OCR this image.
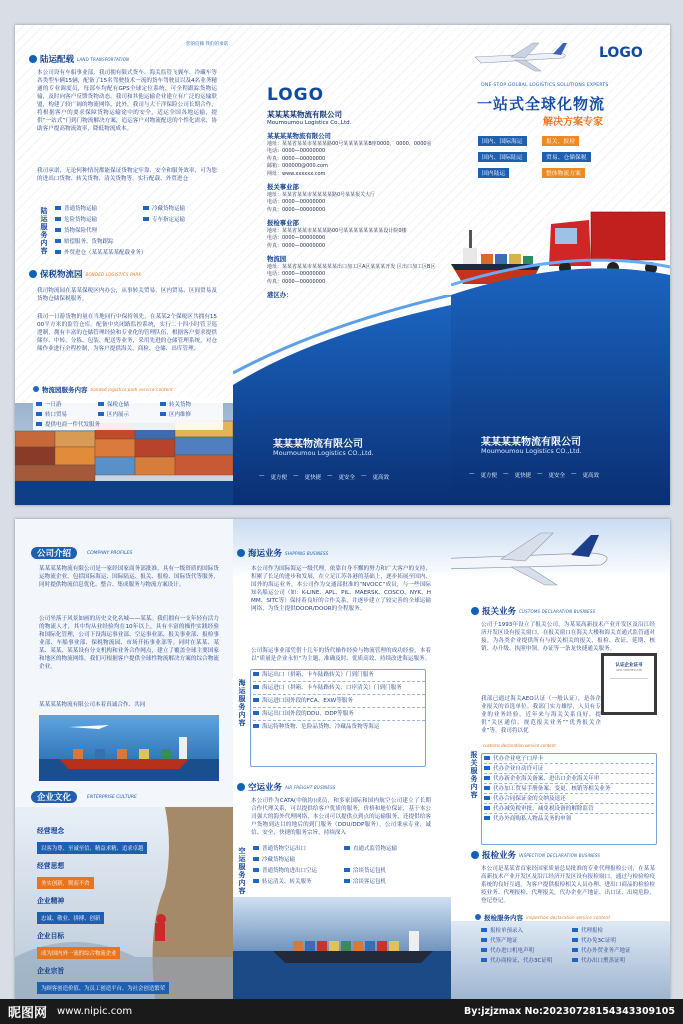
陆运配载 LAND TRANSPORTATION
您的信赖 我们的承诺
本公司设有车船事业部，我司拥有限式货车、海关监管飞翼车、冷藏车等各类型车辆15辆，配备了15名驾驶技术一流的货车驾驶员以及4名业务精通的专业调度员，每部车均配有GPS全球定位系统，可全程跟踪货物运输，及时向客户反馈货物动态。我司和其他运输企业建立有广泛的运输联盟，构建了较广阔的物流网络，此外，我司与大干洋保险公司长期合作，将根据客户的要求保障货物运输途中的安全，适运全国各地运输，提供“一站式”门到门物流解决方案，追运客户对物流配送的个性化需求，协助客户提高物流效率，降低物流成本。
我司承诺，无论何种情况都能保证货物定牢靠、安全和服务效率，可为您的进出口货物、转关货物、清关货物等，实行配载、外贸进仓
陆运服务内容
普通货物运输	冷藏货物运输
危险货物运输	专车指定运输
货物保险代理
赔偿服务、货物跟踪
外贸进仓（某某某某某配载业务）
保税物流园 BONDED LOGISTICS PARK
我司物流园在某某保税区内办公，从事转关贸易、区内贸易、区间贸易及货物仓储保税服务。
我司一日游货物的量在当地同行中保持领先，在某某2个保税区共拥有1500平方米的监管仓库。配备中央闭路监控系统，实行二十四小时管卫巡逻制，拥有丰富的仓储管理经验和专业化的管理队伍，根据客户要求提供储存、中转、分拣、包装、配送等业务，采用先进的仓储管理系统，对仓储作业进行全程控制，为客户提供海关、商检、仓储、出库管理、
物流园服务内容 bonded logistics park service content
一日游	保税仓储	转关货物
转口贸易	区内展示	区内维修
提供电商一件代发服务
LOGO
某某某某物流有限公司
Moumoumou Logistics Co.,Ltd.
某某某某物流有限公司
地址：某某省某某市某某某路00号某某某某某B座0000、 0000、0000室
电话：0000—00000000
传真：0000—00000000
邮箱：000000@000.com
网址：www.xxxxxx.com
报关事业部
地址：某某省某某市某某某某路0号某某报关大厅
电话：0000—00000000
传真：0000—00000000
报检事业部
地址：某某省某某市某某某路00号某某某某某某某某设计院0楼
电话：0000—00000000
传真：0000—00000000
物流园
地址：某某省某某市某某某某某出口加工区A区某某某开发 区出口加工区B区
电话：0000—00000000
传真：0000—00000000
港区办：
某某某物流有限公司
Moumoumou Logistics CO.,Ltd.
— 更方便 — 更快捷 — 更安全 — 更高效
LOGO
ONE-STOP GOLBAL LOGISTICS SOLUTIONS EXPERTS
一站式全球化物流
解决方案专家
国内、国际海运	报关、报检
国内、国际陆运	贸易、仓储保税
国内陆运	整体物流方案
某某某某物流有限公司
Moumoumou Logistics CO.,Ltd.
— 更方便 — 更快捷 — 更安全 — 更高效
公司介绍	COMPANY PROFILES
某某某某物流有限公司是一家经国家商务部批准，具有一级资质的国际货运物流企业，包括国际海运、国际陆运、报关、报检、国际货代等服务，同时提供物流信息优化、整合、集成服务与物流方案设计。
公司坐落于风景如画的历史文化名城——某某。我们拥有一支年轻有活力的物流人才，其中均从业经验均在10年以上，具有丰富的操作实践经验和国际化管理，公司下设海运事业部、空运事业部、报关事业部、报检事业部、车船事业部、保税物流园、市场开拓事业部等。同时在某某、某某、某某、某某设有分支机构和业务合作网点，建立了覆盖全球主要国家和地区的物流网络，我们可根据客户提供全球性物流解决方案的综合物流企业。
某某某某物流有限公司本着真诚合作、共同
企业文化	ENTERPRISE CULTURE
经营理念
以客为尊、至诚至信、精益求精、追求卓越
经营思想
务实创新，锲而不舍
企业精神
忠诚、敬业、拼搏、创新
企业目标
成为国内外一流的综合物流企业
企业宗旨
为顾客创造价值、为员工创造平台、为社会创造繁荣
海运业务 SHIPPING BUSINESS
本公司作为国际海运一级代理，依靠自身不懈的努力和广大客户的支持，积累了长足的进步和发展，在立足江苏各港的基础上，逐步拓展至国内、国外的海运业务。本公司作为交通部批准的“NVOCC”成员，与一些国际知名船运公司（如：K-LINE、APL、PIL、MAERSK、COSCO、NYK、HMM、SITC等）保持着良好的合作关系，并逐步建立了较完善的全球运输网络，为货主提供DOOR/DOOR的全程服务。
公司海运事业部凭借十几年的货代操作经验与物流管理的成功经验，本着以“质量是企业永恒”为主题，准确及时、优质高效、持续改进海运服务。
海运服务内容
海运出口（拼箱、卡车陆路转关）门到门服务
海运进口（拼箱、卡车陆路转关、口岸清关）门到门服务
海运进口国外段的FCA、EXW等服务
海运出口国外段的DDU、DDP等服务
海运特种货物、危险品货物、冷藏品货物等海运
空运业务 AIR FREIGHT BUSINESS
本公司作为CATA(中航协)成员，和多家国际和国内航空公司建立了长期合作代理关系，可以提供给客户优质的服务，价格和舱位保证，基于本公司强大的海外代理网络，本公司可以提供点到点的运输服务，还提供给客户货物到达目的地后的到门服务（DDU/DDP服务），公司秉承专业、诚信、安全、快捷的服务宗旨，持续深入
空运服务内容
普通货物空运出口	直通式监管物运输
冷藏货物运输
普通货物的进出口空运	洽谈货运包机
转运清关、转关服务	洽谈客运包机
报关业务 CUSTOMS DECLARATION BUSINESS
公司于1993年设立了报关公司，为某某高新技术产业开发区及沿江经济开发区设有报关窗口，在报关窗口在海关大楼和海关直通式监管通对接。为各类企业提供所有与报关相关的报关、报检、改证、延期、核销、办升级、执照申领、办证等一条龙快捷通关服务。
认证企业证书
AEO CERTIFICATE
我部已通过海关AEO认证（一般认证），是各企业报关的首选单位。我部门实力雄厚，人员有专业的业务经验，近年来与海关关系良好，提供“关区通信、规范报关业务”“优秀报关企业”等。我司将以优
报关服务内容
customs declaration service content
代办企业电子口岸卡
代办企业自动许可证
代办新企业海关备案、进出口企业海关年审
代办加工贸易手册备案、变更、核销等相关业务
代办合同保证金的交纳及退还
代办减免税审批、减免税设备的解除监管
代办外商购私人物品关务的申领
报检业务 INSPECTION DECLARATION BUSINESS
本公司是某某省首家经国家质量总局批准的专业代理报检公司，在某某高新技术产业开发区及沿江经济开发区设有报检窗口，通过与检验检疫系统的良好互通，为客户提供报检相关人员办理、进出口商品的检验检疫业务、代理报检、代理报关，代办企业产地证、出口证、出境危险、登记登记。
报检服务内容 inspection declaration service content
报检单预录入	代理报检
代签产地证	代办免3C证明
代办进口机电声明	代办外贸业务产地证
代办商检证、代办3C证明	代办出口熏蒸证明
昵图网 www.nipic.com	By:jzjzmax No:20230728154343309105
